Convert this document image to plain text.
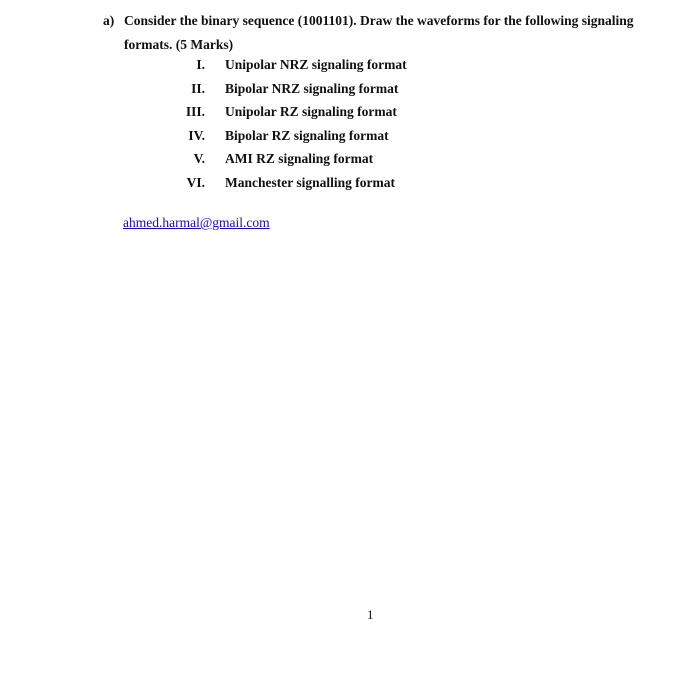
a) Consider the binary sequence (1001101). Draw the waveforms for the following signaling
formats. (5 Marks)
I. Unipolar NRZ signaling format
II. Bipolar NRZ signaling format
III. Unipolar RZ signaling format
IV. Bipolar RZ signaling format
V. AMI RZ signaling format
VI. Manchester signalling format
ahmed.harmal@gmail.com
1
